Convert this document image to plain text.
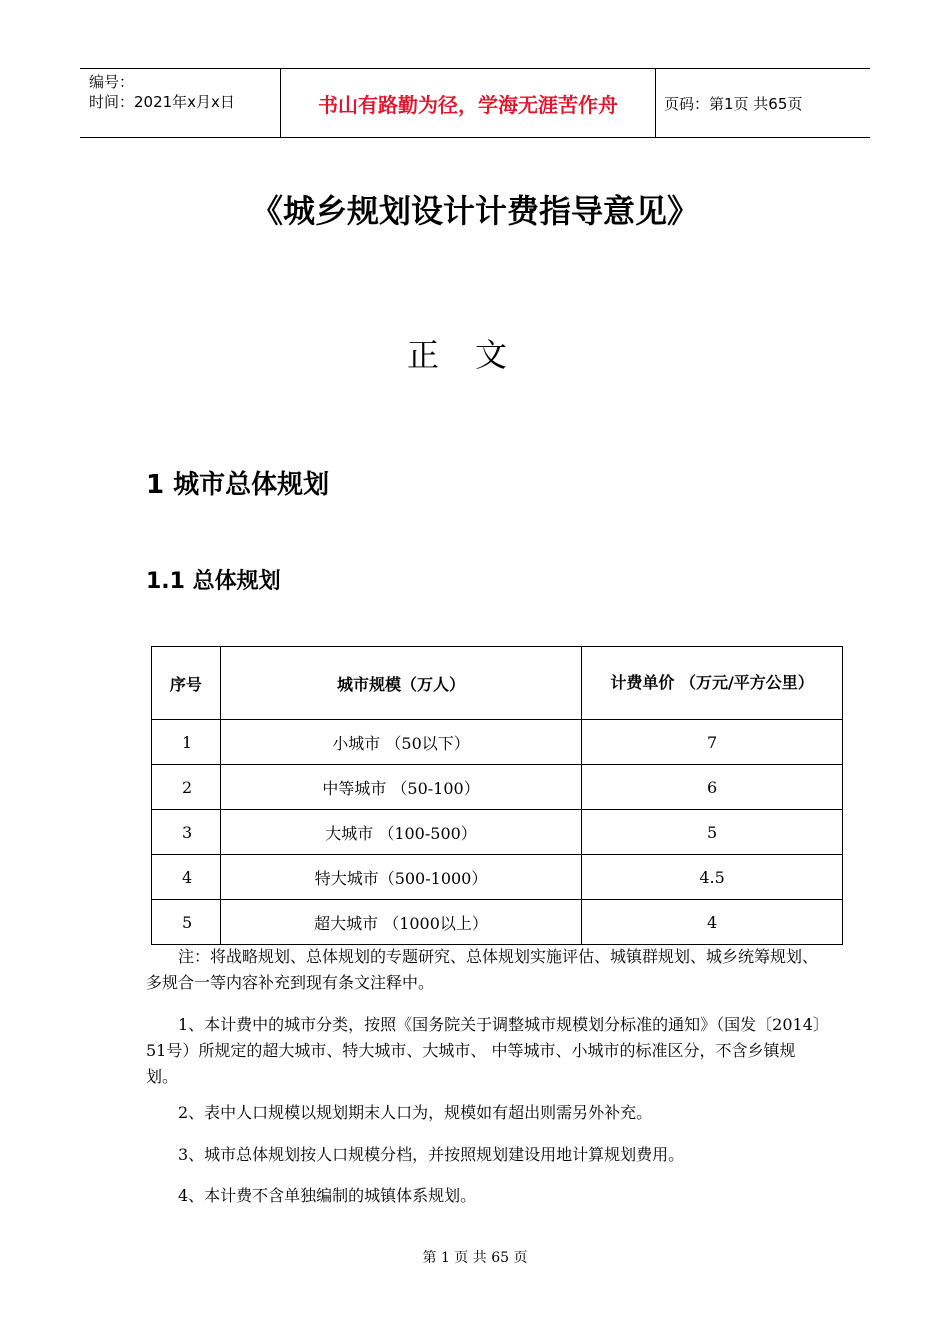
编号：
时间：2021年x月x日	书山有路勤为径，学海无涯苦作舟	页码：第1页 共65页
《城乡规划设计计费指导意见》
正文
1 城市总体规划
1.1 总体规划
序号	城市规模（万人）	计费单价 （万元/平方公里）
1	小城市 （50以下）	7
2	中等城市 （50-100）	6
3	大城市 （100-500）	5
4	特大城市（500-1000）	4.5
5	超大城市 （1000以上）	4

注：将战略规划、总体规划的专题研究、总体规划实施评估、城镇群规划、城乡统筹规划、多规合一等内容补充到现有条文注释中。

1、本计费中的城市分类，按照《国务院关于调整城市规模划分标准的通知》（国发〔2014〕51号）所规定的超大城市、特大城市、大城市、 中等城市、小城市的标准区分，不含乡镇规划。

2、表中人口规模以规划期末人口为，规模如有超出则需另外补充。

3、城市总体规划按人口规模分档，并按照规划建设用地计算规划费用。

4、本计费不含单独编制的城镇体系规划。

第 1 页 共 65 页
